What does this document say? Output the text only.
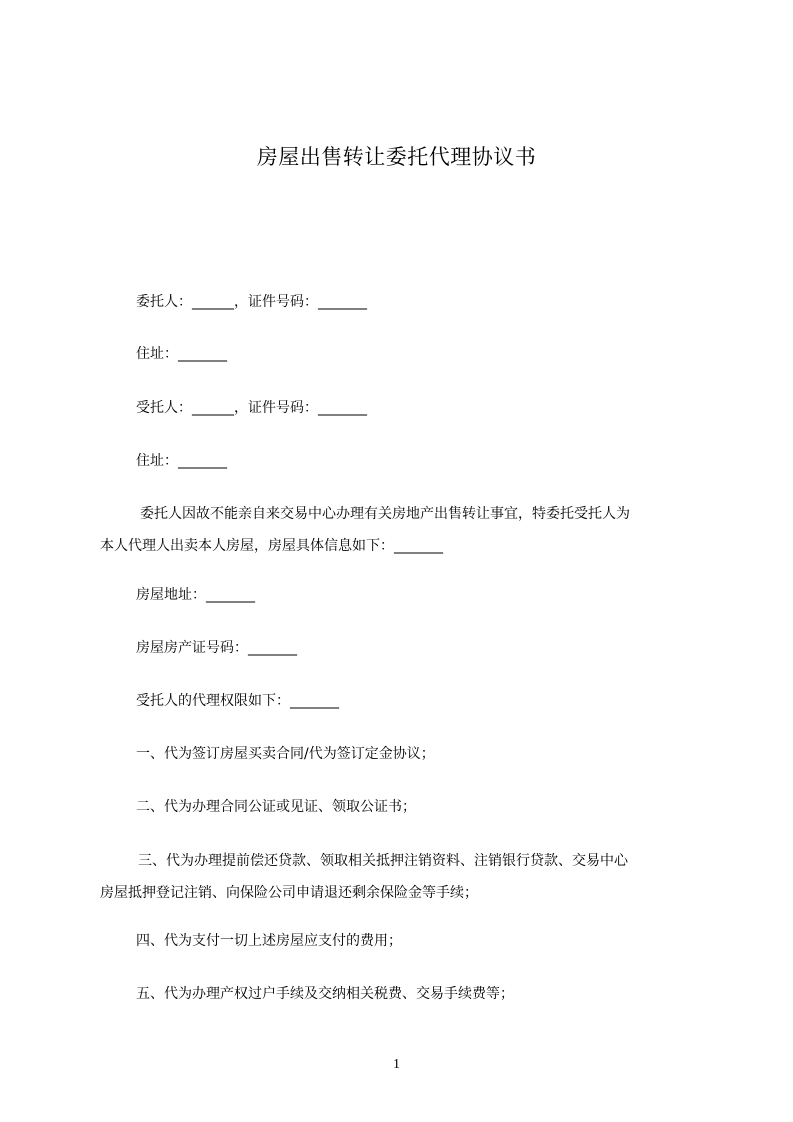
房屋出售转让委托代理协议书
委托人：______，证件号码：_______
住址：_______
受托人：______，证件号码：_______
住址：_______
委托人因故不能亲自来交易中心办理有关房地产出售转让事宜，特委托受托人为
本人代理人出卖本人房屋，房屋具体信息如下：_______
房屋地址：_______
房屋房产证号码：_______
受托人的代理权限如下：_______
一、代为签订房屋买卖合同/代为签订定金协议；
二、代为办理合同公证或见证、领取公证书；
三、代为办理提前偿还贷款、领取相关抵押注销资料、注销银行贷款、交易中心
房屋抵押登记注销、向保险公司申请退还剩余保险金等手续；
四、代为支付一切上述房屋应支付的费用；
五、代为办理产权过户手续及交纳相关税费、交易手续费等；
1
